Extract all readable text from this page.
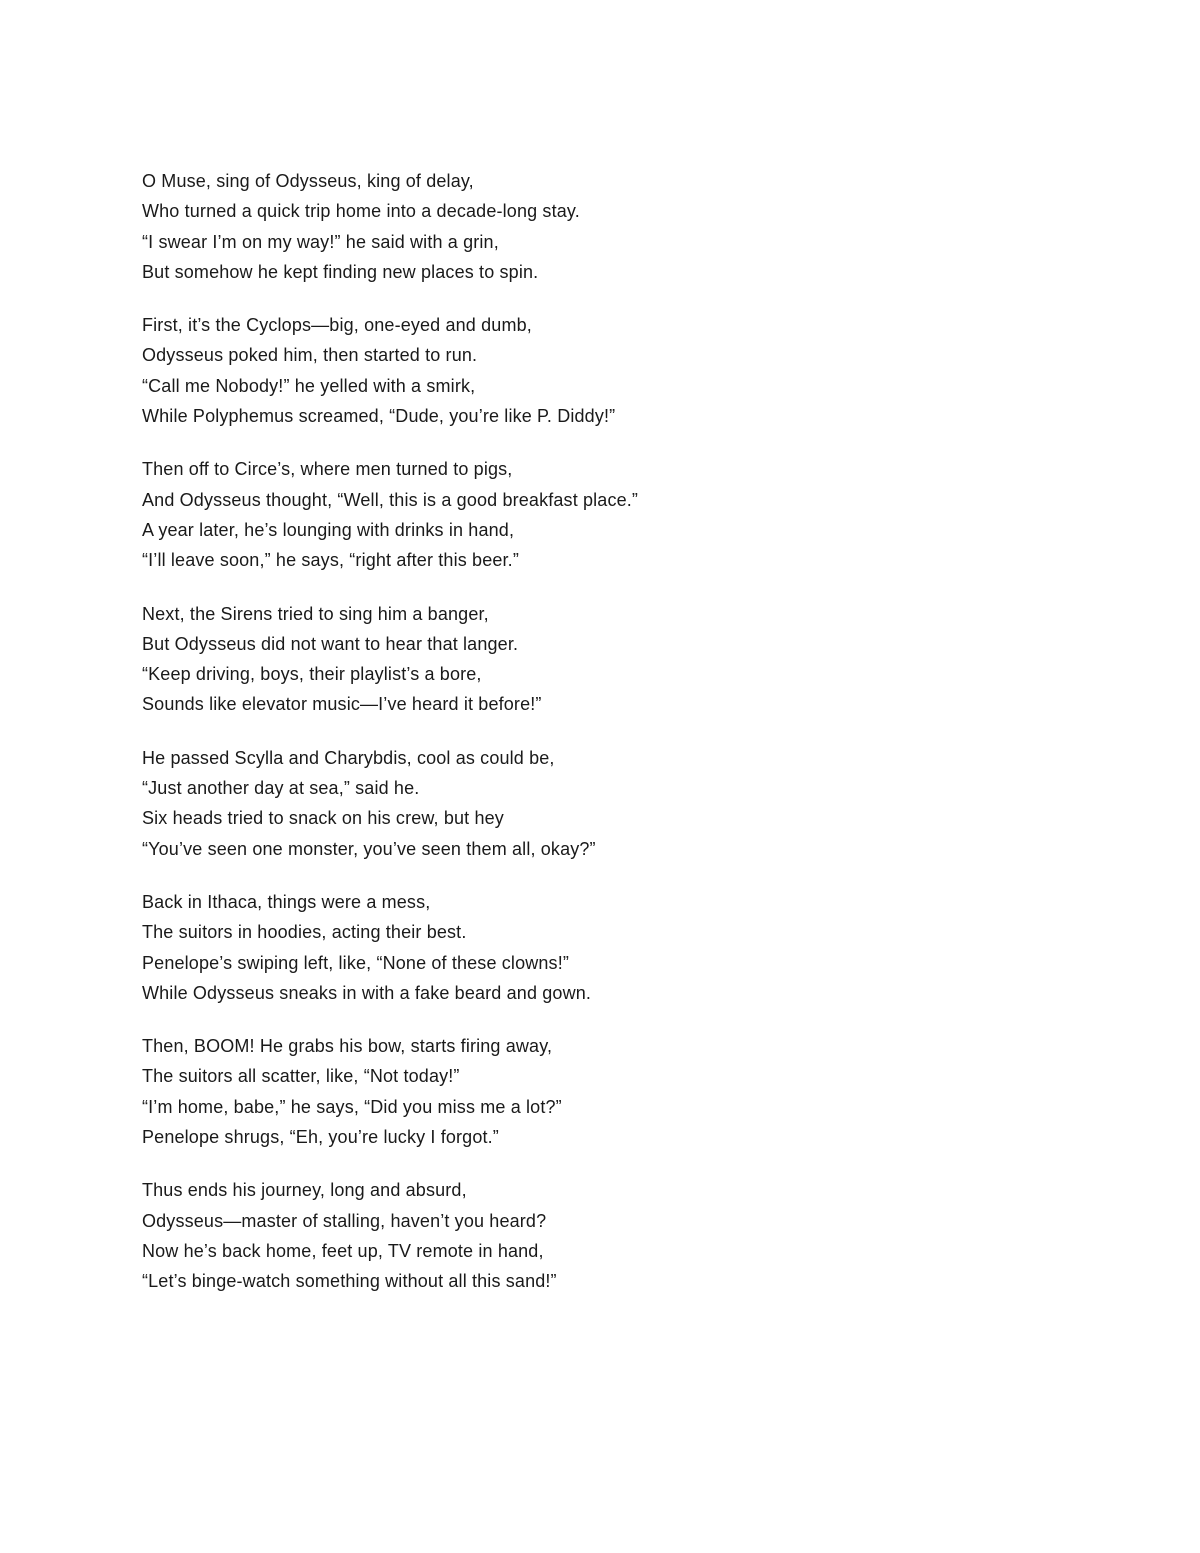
O Muse, sing of Odysseus, king of delay,
Who turned a quick trip home into a decade-long stay.
“I swear I’m on my way!” he said with a grin,
But somehow he kept finding new places to spin.
First, it’s the Cyclops—big, one-eyed and dumb,
Odysseus poked him, then started to run.
“Call me Nobody!” he yelled with a smirk,
While Polyphemus screamed, “Dude, you’re like P. Diddy!”
Then off to Circe’s, where men turned to pigs,
And Odysseus thought, “Well, this is a good breakfast place.”
A year later, he’s lounging with drinks in hand,
“I’ll leave soon,” he says, “right after this beer.”
Next, the Sirens tried to sing him a banger,
But Odysseus did not want to hear that langer.
“Keep driving, boys, their playlist’s a bore,
Sounds like elevator music—I’ve heard it before!”
He passed Scylla and Charybdis, cool as could be,
“Just another day at sea,” said he.
Six heads tried to snack on his crew, but hey
“You’ve seen one monster, you’ve seen them all, okay?”
Back in Ithaca, things were a mess,
The suitors in hoodies, acting their best.
Penelope’s swiping left, like, “None of these clowns!”
While Odysseus sneaks in with a fake beard and gown.
Then, BOOM! He grabs his bow, starts firing away,
The suitors all scatter, like, “Not today!”
“I’m home, babe,” he says, “Did you miss me a lot?”
Penelope shrugs, “Eh, you’re lucky I forgot.”
Thus ends his journey, long and absurd,
Odysseus—master of stalling, haven’t you heard?
Now he’s back home, feet up, TV remote in hand,
“Let’s binge-watch something without all this sand!”
